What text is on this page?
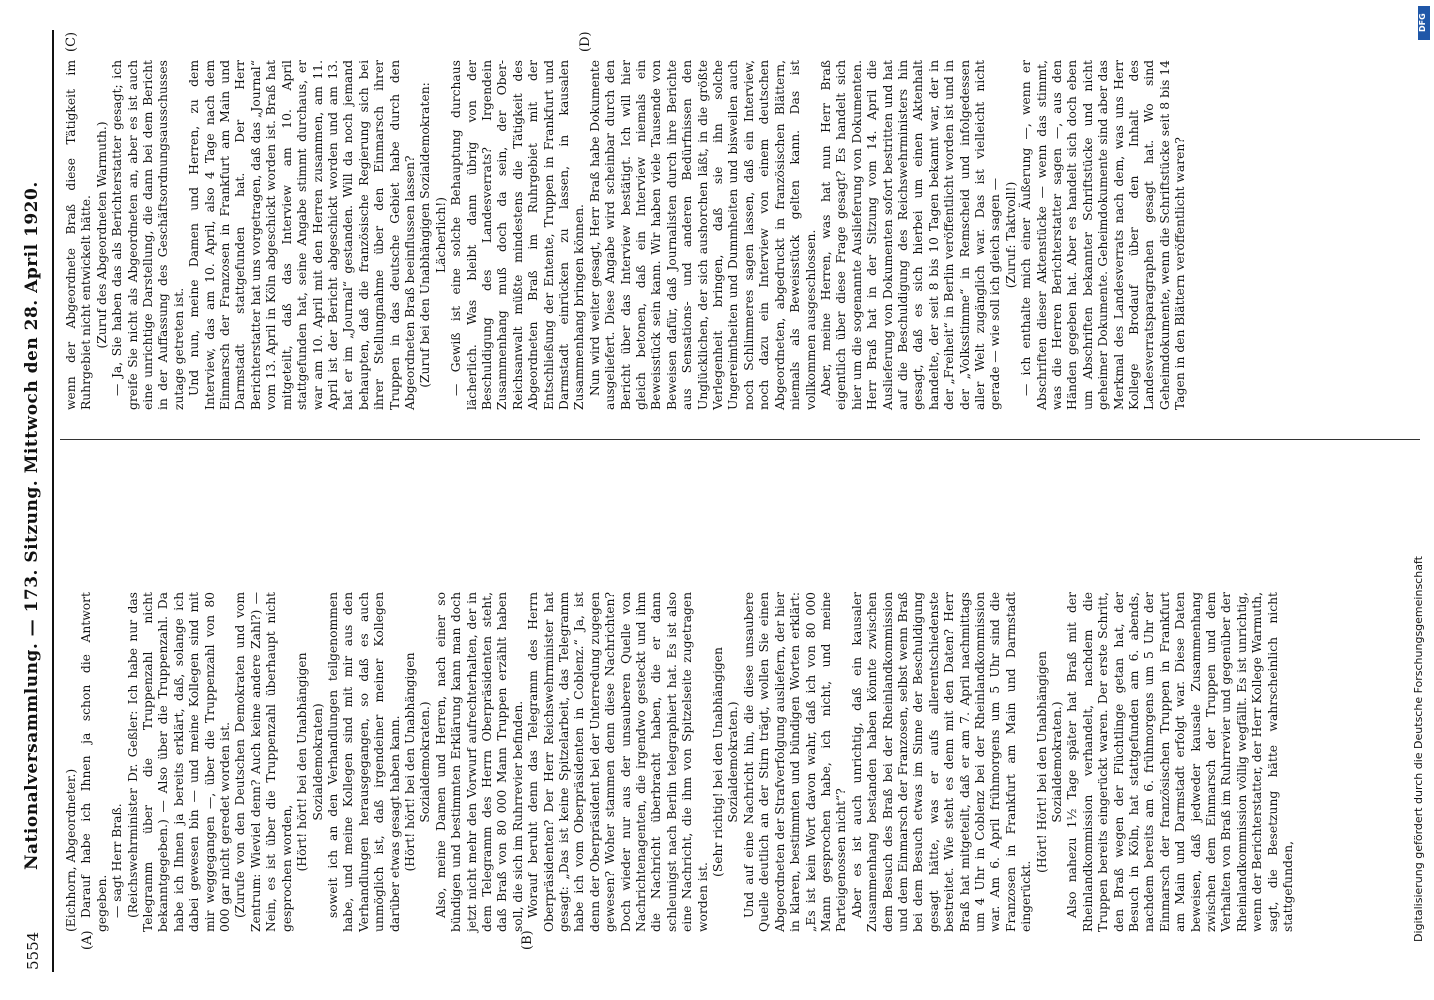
5554
Nationalversammlung. — 173. Sitzung. Mittwoch den 28. April 1920.
(A)	(B)
(C)	(D)

(Eichhorn, Abgeordneter.) Darauf habe ich Ihnen ja schon die Antwort gegeben. — sagt Herr Braß. (Reichswehrminister Dr. Geßler: Ich habe nur das Telegramm über die Truppenzahl nicht bekanntgegeben.) — Also über die Truppenzahl. Da habe ich Ihnen ja bereits erklärt, daß, solange ich dabei gewesen bin — und meine Kollegen sind mit mir weggegangen —, über die Truppenzahl von 80 000 gar nicht geredet worden ist. (Zurufe von den Deutschen Demokraten und vom Zentrum: Wieviel denn? Auch keine andere Zahl?) — Nein, es ist über die Truppenzahl überhaupt nicht gesprochen worden, (Hört! hört! bei den Unabhängigen Sozialdemokraten) soweit ich an den Verhandlungen teilgenommen habe, und meine Kollegen sind mit mir aus den Verhandlungen herausgegangen, so daß es auch unmöglich ist, daß irgendeiner meiner Kollegen darüber etwas gesagt haben kann. (Hört! hört! bei den Unabhängigen Sozialdemokraten.) Also, meine Damen und Herren, nach einer so bündigen und bestimmten Erklärung kann man doch jetzt nicht mehr den Vorwurf aufrechterhalten, der in dem Telegramm des Herrn Oberpräsidenten steht, daß Braß von 80 000 Mann Truppen erzählt haben soll, die sich im Ruhrrevier befinden. Worauf beruht denn das Telegramm des Herrn Oberpräsidenten? Der Herr Reichswehrminister hat gesagt: „Das ist keine Spitzelarbeit, das Telegramm habe ich vom Oberpräsidenten in Coblenz.“ Ja, ist denn der Oberpräsident bei der Unterredung zugegen gewesen? Woher stammen denn diese Nachrichten? Doch wieder nur aus der unsauberen Quelle von Nachrichtenagenten, die irgendwo gesteckt und ihm die Nachricht überbracht haben, die er dann schleunigst nach Berlin telegraphiert hat. Es ist also eine Nachricht, die ihm von Spitzelseite zugetragen worden ist.

(Sehr richtig! bei den Unabhängigen Sozialdemokraten.) Und auf eine Nachricht hin, die diese unsaubere Quelle deutlich an der Stirn trägt, wollen Sie einen Abgeordneten der Strafverfolgung ausliefern, der hier in klaren, bestimmten und bündigen Worten erklärt: „Es ist kein Wort davon wahr, daß ich von 80 000 Mann gesprochen habe, ich nicht, und meine Parteigenossen nicht“? Aber es ist auch unrichtig, daß ein kausaler Zusammenhang bestanden haben könnte zwischen dem Besuch des Braß bei der Rheinlandkommission und dem Einmarsch der Franzosen, selbst wenn Braß bei dem Besuch etwas im Sinne der Beschuldigung gesagt hätte, was er aufs allerentschiedenste bestreitet. Wie steht es denn mit den Daten? Herr Braß hat mitgeteilt, daß er am 7. April nachmittags um 4 Uhr in Coblenz bei der Rheinlandkommission war. Am 6. April frühmorgens um 5 Uhr sind die Franzosen in Frankfurt am Main und Darmstadt eingerückt.

(Hört! Hört! bei den Unabhängigen Sozialdemokraten.) Also nahezu 1½ Tage später hat Braß mit der Rheinlandkommission verhandelt, nachdem die Truppen bereits eingerückt waren. Der erste Schritt, den Braß wegen der Flüchtlinge getan hat, der Besuch in Köln, hat stattgefunden am 6. abends, nachdem bereits am 6. frühmorgens um 5 Uhr der Einmarsch der französischen Truppen in Frankfurt am Main und Darmstadt erfolgt war. Diese Daten beweisen, daß jedweder kausale Zusammenhang zwischen dem Einmarsch der Truppen und dem Verhalten von Braß im Ruhrrevier und gegenüber der Rheinlandkommission völlig wegfällt. Es ist unrichtig, wenn der Berichterstatter, der Herr Kollege Warmuth, sagt, die Besetzung hätte wahrscheinlich nicht stattgefunden,

wenn der Abgeordnete Braß diese Tätigkeit im Ruhrgebiet nicht entwickelt hätte. (Zuruf des Abgeordneten Warmuth.) — Ja, Sie haben das als Berichterstatter gesagt; ich greife Sie nicht als Abgeordneten an, aber es ist auch eine unrichtige Darstellung, die dann bei dem Bericht in der Auffassung des Geschäftsordnungsausschusses zutage getreten ist. Und nun, meine Damen und Herren, zu dem Interview, das am 10. April, also 4 Tage nach dem Einmarsch der Franzosen in Frankfurt am Main und Darmstadt stattgefunden hat. Der Herr Berichterstatter hat uns vorgetragen, daß das „Journal“ vom 13. April in Köln abgeschickt worden ist. Braß hat mitgeteilt, daß das Interview am 10. April stattgefunden hat, seine Angabe stimmt durchaus, er war am 10. April mit den Herren zusammen, am 11. April ist der Bericht abgeschickt worden und am 13. hat er im „Journal“ gestanden. Will da noch jemand behaupten, daß die französische Regierung sich bei ihrer Stellungnahme über den Einmarsch ihrer Truppen in das deutsche Gebiet habe durch den Abgeordneten Braß beeinflussen lassen? (Zuruf bei den Unabhängigen Sozialdemokraten: Lächerlich!) — Gewiß ist eine solche Behauptung durchaus lächerlich. Was bleibt dann übrig von der Beschuldigung des Landesverrats? Irgendein Zusammenhang muß doch da sein, der Ober-Reichsanwalt müßte mindestens die Tätigkeit des Abgeordneten Braß im Ruhrgebiet mit der Entschließung der Entente, Truppen in Frankfurt und Darmstadt einrücken zu lassen, in kausalen Zusammenhang bringen können. Nun wird weiter gesagt, Herr Braß habe Dokumente ausgeliefert. Diese Angabe wird scheinbar durch den Bericht über das Interview bestätigt. Ich will hier gleich betonen, daß ein Interview niemals ein Beweisstück sein kann. Wir haben viele Tausende von Beweisen dafür, daß Journalisten durch ihre Berichte aus Sensations- und anderen Bedürfnissen den Unglücklichen, der sich aushorchen läßt, in die größte Verlegenheit bringen, daß sie ihn solche Ungereimtheiten und Dummheiten und bisweilen auch noch Schlimmeres sagen lassen, daß ein Interview, noch dazu ein Interview von einem deutschen Abgeordneten, abgedruckt in französischen Blättern, niemals als Beweisstück gelten kann. Das ist vollkommen ausgeschlossen. Aber, meine Herren, was hat nun Herr Braß eigentlich über diese Frage gesagt? Es handelt sich hier um die sogenannte Auslieferung von Dokumenten. Herr Braß hat in der Sitzung vom 14. April die Auslieferung von Dokumenten sofort bestritten und hat auf die Beschuldigung des Reichswehrministers hin gesagt, daß es sich hierbei um einen Aktenhalt handelte, der seit 8 bis 10 Tagen bekannt war, der in der „Freiheit“ in Berlin veröffentlicht worden ist und in der „Volksstimme“ in Remscheid und infolgedessen aller Welt zugänglich war. Das ist vielleicht nicht gerade — wie soll ich gleich sagen — (Zuruf: Taktvoll!) — ich enthalte mich einer Äußerung —, wenn er Abschriften dieser Aktenstücke — wenn das stimmt, was die Herren Berichterstatter sagen —, aus den Händen gegeben hat. Aber es handelt sich doch eben um Abschriften bekannter Schriftstücke und nicht geheimer Dokumente. Geheimdokumente sind aber das Merkmal des Landesverrats nach dem, was uns Herr Kollege Brodauf über den Inhalt des Landesverratsparagraphen gesagt hat. Wo sind Geheimdokumente, wenn die Schriftstücke seit 8 bis 14 Tagen in den Blättern veröffentlicht waren?

Digitalisierung gefördert durch die Deutsche Forschungsgemeinschaft
DFG
